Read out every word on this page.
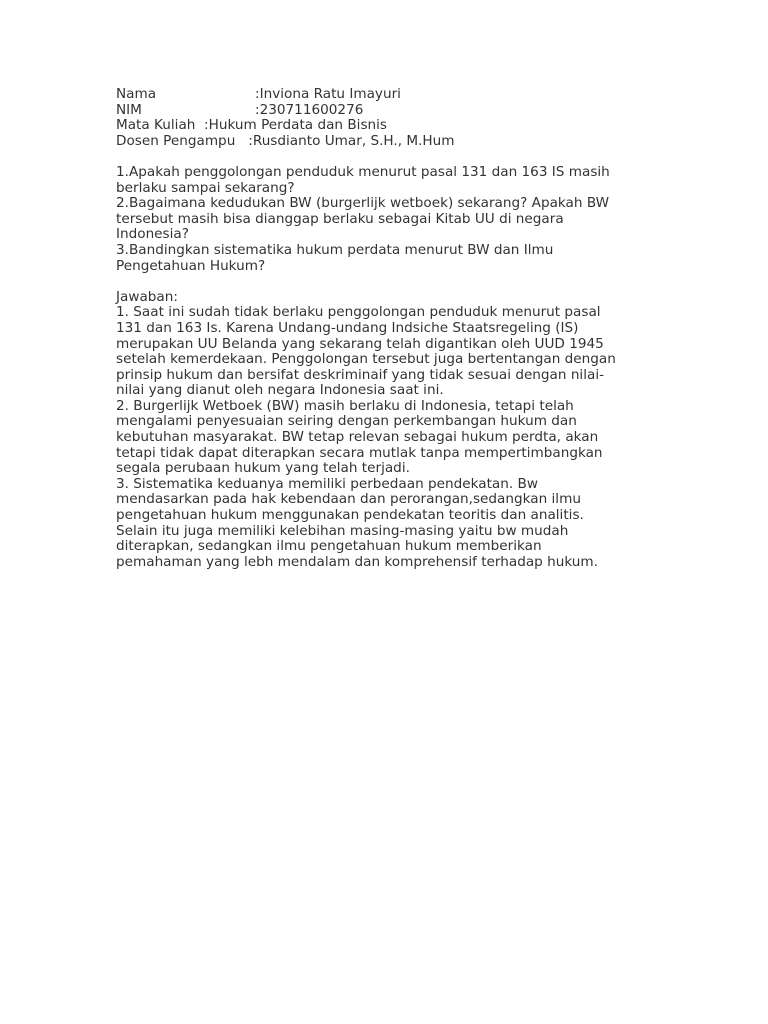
Nama	:Inviona Ratu Imayuri
NIM	:230711600276
Mata Kuliah :Hukum Perdata dan Bisnis
Dosen Pengampu :Rusdianto Umar, S.H., M.Hum
1.Apakah penggolongan penduduk menurut pasal 131 dan 163 IS masih
berlaku sampai sekarang?
2.Bagaimana kedudukan BW (burgerlijk wetboek) sekarang? Apakah BW
tersebut masih bisa dianggap berlaku sebagai Kitab UU di negara
Indonesia?
3.Bandingkan sistematika hukum perdata menurut BW dan Ilmu
Pengetahuan Hukum?
Jawaban:
1. Saat ini sudah tidak berlaku penggolongan penduduk menurut pasal
131 dan 163 Is. Karena Undang-undang Indsiche Staatsregeling (IS)
merupakan UU Belanda yang sekarang telah digantikan oleh UUD 1945
setelah kemerdekaan. Penggolongan tersebut juga bertentangan dengan
prinsip hukum dan bersifat deskriminaif yang tidak sesuai dengan nilai-
nilai yang dianut oleh negara Indonesia saat ini.
2. Burgerlijk Wetboek (BW) masih berlaku di Indonesia, tetapi telah
mengalami penyesuaian seiring dengan perkembangan hukum dan
kebutuhan masyarakat. BW tetap relevan sebagai hukum perdta, akan
tetapi tidak dapat diterapkan secara mutlak tanpa mempertimbangkan
segala perubaan hukum yang telah terjadi.
3. Sistematika keduanya memiliki perbedaan pendekatan. Bw
mendasarkan pada hak kebendaan dan perorangan,sedangkan ilmu
pengetahuan hukum menggunakan pendekatan teoritis dan analitis.
Selain itu juga memiliki kelebihan masing-masing yaitu bw mudah
diterapkan, sedangkan ilmu pengetahuan hukum memberikan
pemahaman yang lebh mendalam dan komprehensif terhadap hukum.
